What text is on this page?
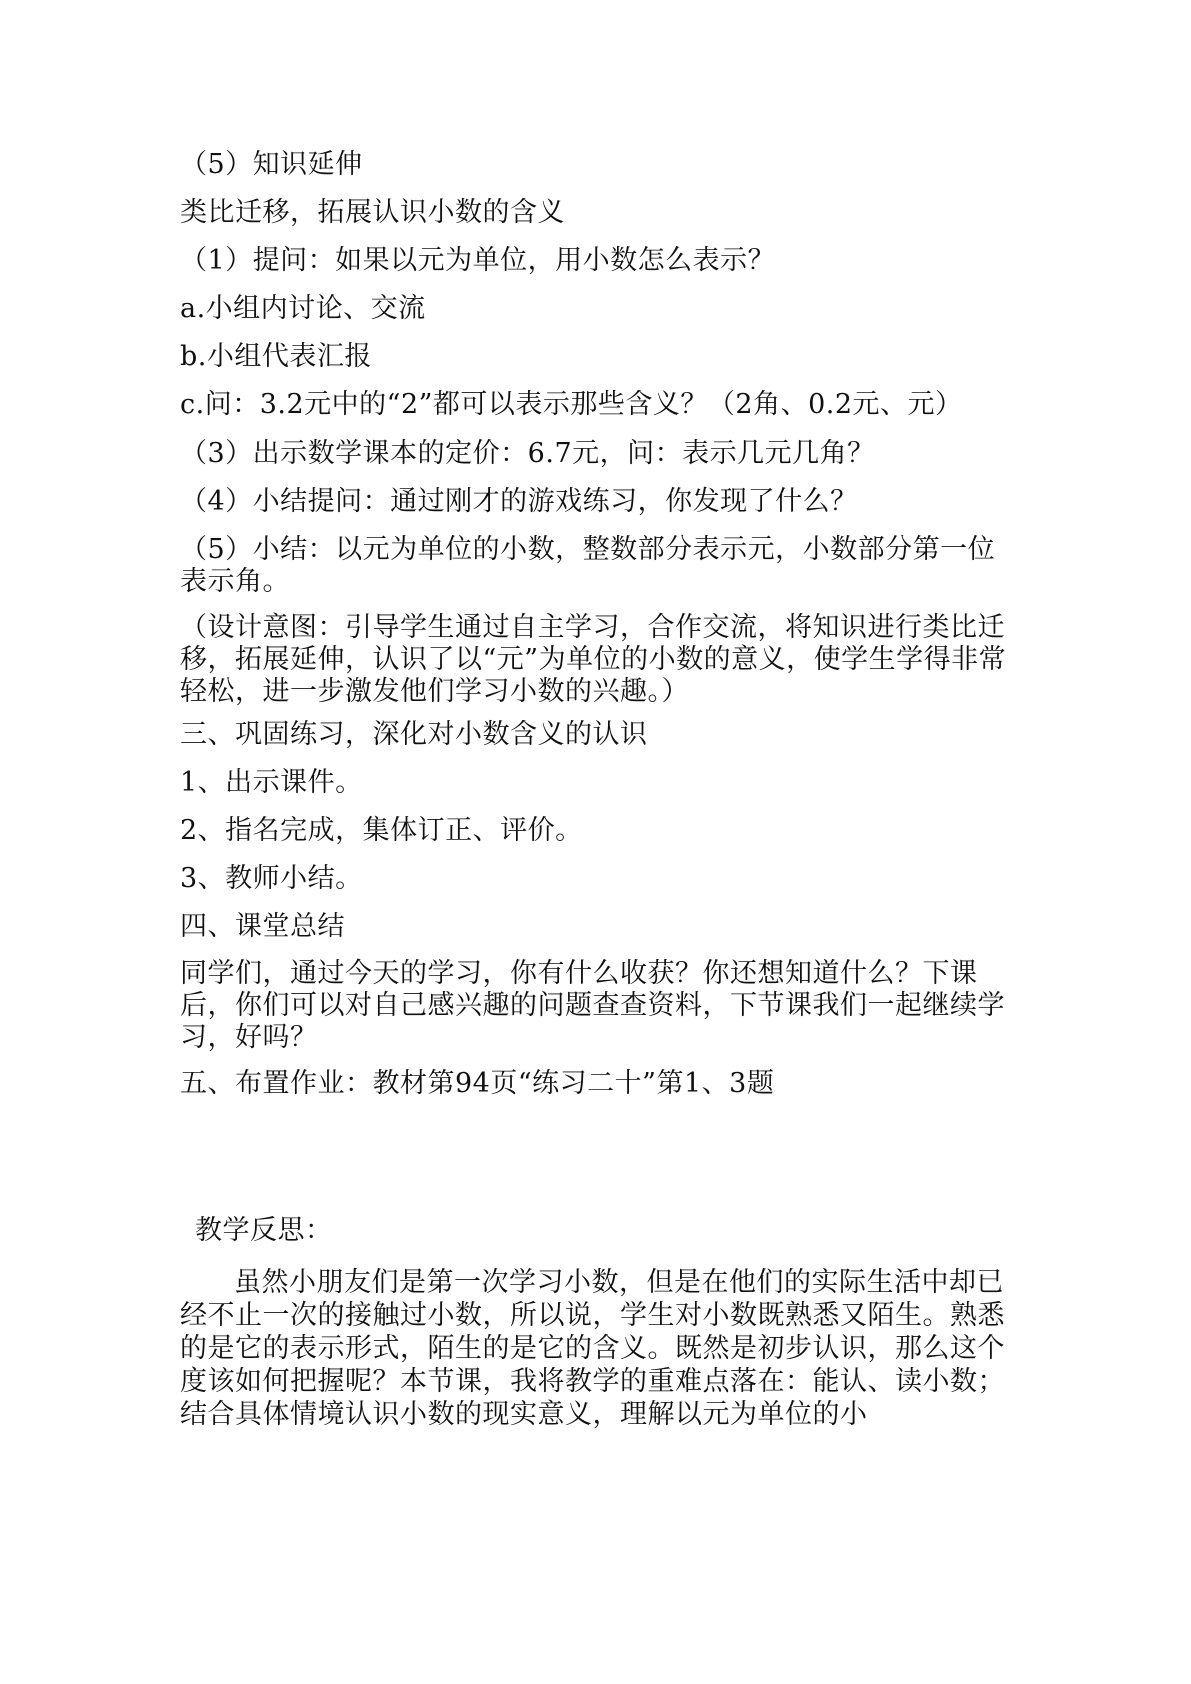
（5）知识延伸
类比迁移，拓展认识小数的含义
（1）提问：如果以元为单位，用小数怎么表示？
a.小组内讨论、交流
b.小组代表汇报
c.问：3.2元中的“2”都可以表示那些含义？（2角、0.2元、元）
（3）出示数学课本的定价：6.7元，问：表示几元几角？
（4）小结提问：通过刚才的游戏练习，你发现了什么？
（5）小结：以元为单位的小数，整数部分表示元，小数部分第一位表示角。
（设计意图：引导学生通过自主学习，合作交流，将知识进行类比迁移，拓展延伸，认识了以“元”为单位的小数的意义，使学生学得非常轻松，进一步激发他们学习小数的兴趣。）
三、巩固练习，深化对小数含义的认识
1、出示课件。
2、指名完成，集体订正、评价。
3、教师小结。
四、课堂总结
同学们，通过今天的学习，你有什么收获？你还想知道什么？下课后，你们可以对自己感兴趣的问题查查资料，下节课我们一起继续学习，好吗？
五、布置作业：教材第94页“练习二十”第1、3题
教学反思：
虽然小朋友们是第一次学习小数，但是在他们的实际生活中却已经不止一次的接触过小数，所以说，学生对小数既熟悉又陌生。熟悉的是它的表示形式，陌生的是它的含义。既然是初步认识，那么这个度该如何把握呢？本节课，我将教学的重难点落在：能认、读小数；结合具体情境认识小数的现实意义，理解以元为单位的小
